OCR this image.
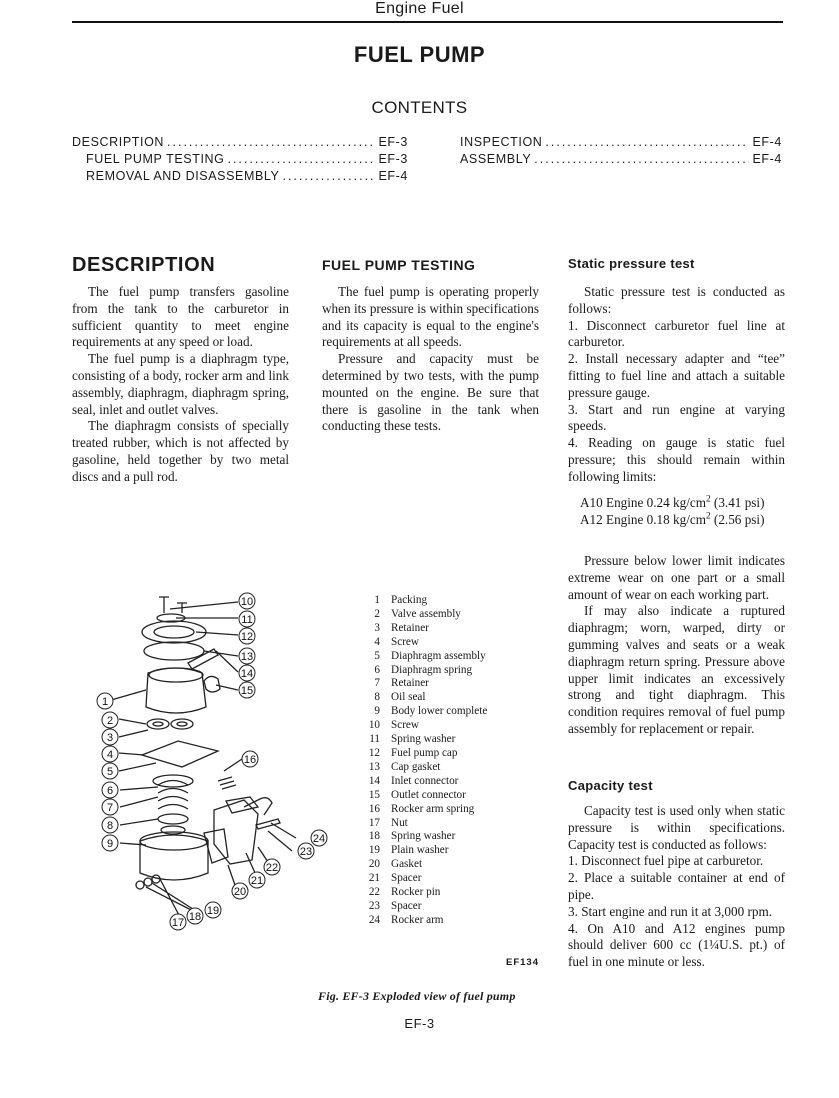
Engine Fuel
FUEL PUMP
CONTENTS
DESCRIPTION .....	EF-3
FUEL PUMP TESTING .....	EF-3
REMOVAL AND DISASSEMBLY .....	EF-4
INSPECTION .....	EF-4
ASSEMBLY .....	EF-4
DESCRIPTION

The fuel pump transfers gasoline from the tank to the carburetor in sufficient quantity to meet engine requirements at any speed or load.

The fuel pump is a diaphragm type, consisting of a body, rocker arm and link assembly, diaphragm, diaphragm spring, seal, inlet and outlet valves.

The diaphragm consists of specially treated rubber, which is not affected by gasoline, held together by two metal discs and a pull rod.

FUEL PUMP TESTING

The fuel pump is operating properly when its pressure is within specifications and its capacity is equal to the engine's requirements at all speeds.

Pressure and capacity must be determined by two tests, with the pump mounted on the engine. Be sure that there is gasoline in the tank when conducting these tests.

Static pressure test

Static pressure test is conducted as follows:

1. Disconnect carburetor fuel line at carburetor.

2. Install necessary adapter and “tee” fitting to fuel line and attach a suitable pressure gauge.

3. Start and run engine at varying speeds.

4. Reading on gauge is static fuel pressure; this should remain within following limits:

A10 Engine 0.24 $kg/cm^2$ (3.41 psi)
A12 Engine 0.18 $kg/cm^2$ (2.56 psi)

Pressure below lower limit indicates extreme wear on one part or a small amount of wear on each working part.

If may also indicate a ruptured diaphragm; worn, warped, dirty or gumming valves and seats or a weak diaphragm return spring. Pressure above upper limit indicates an excessively strong and tight diaphragm. This condition requires removal of fuel pump assembly for replacement or repair.

Capacity test

Capacity test is used only when static pressure is within specifications. Capacity test is conducted as follows:

1. Disconnect fuel pipe at carburetor.

2. Place a suitable container at end of pipe.

3. Start engine and run it at 3,000 rpm.

4. On A10 and A12 engines pump should deliver 600 cc (1¼U.S. pt.) of fuel in one minute or less.

10
11
12
13
14
15
1
2
3
4
5
16
6
7
8
9	24
23
22
21
20
19
18
17
1 Packing
2 Valve assembly
3 Retainer
4 Screw
5 Diaphragm assembly
6 Diaphragm spring
7 Retainer
8 Oil seal
9 Body lower complete
10 Screw
11 Spring washer
12 Fuel pump cap
13 Cap gasket
14 Inlet connector
15 Outlet connector
16 Rocker arm spring
17 Nut
18 Spring washer
19 Plain washer
20 Gasket
21 Spacer
22 Rocker pin
23 Spacer
24 Rocker arm
EF134
Fig. EF-3 Exploded view of fuel pump
EF-3
